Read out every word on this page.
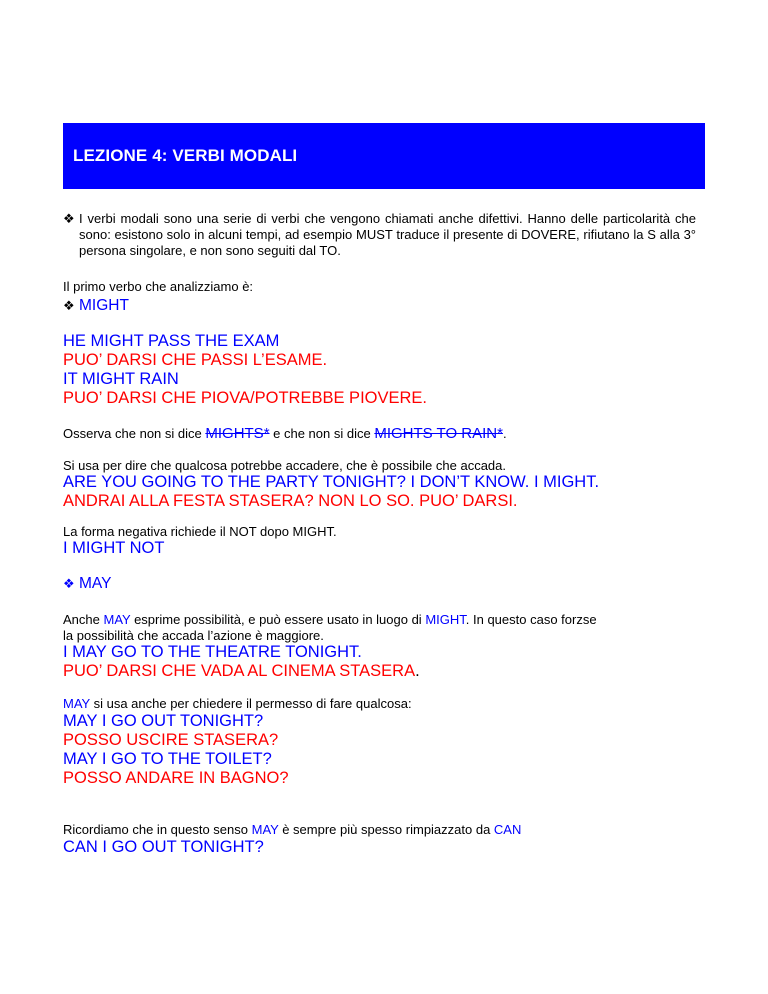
LEZIONE 4: VERBI MODALI
❖ I verbi modali sono una serie di verbi che vengono chiamati anche difettivi. Hanno delle particolarità che sono: esistono solo in alcuni tempi, ad esempio MUST traduce il presente di DOVERE, rifiutano la S alla 3° persona singolare, e non sono seguiti dal TO.
Il primo verbo che analizziamo è:
❖ MIGHT
HE MIGHT PASS THE EXAM
PUO’ DARSI CHE PASSI L’ESAME.
IT MIGHT RAIN
PUO’ DARSI CHE PIOVA/POTREBBE PIOVERE.
Osserva che non si dice MIGHTS* e che non si dice MIGHTS TO RAIN*.
Si usa per dire che qualcosa potrebbe accadere, che è possibile che accada.
ARE YOU GOING TO THE PARTY TONIGHT? I DON’T KNOW. I MIGHT.
ANDRAI ALLA FESTA STASERA? NON LO SO. PUO’ DARSI.
La forma negativa richiede il NOT dopo MIGHT.
I MIGHT NOT
❖ MAY
Anche MAY esprime possibilità, e può essere usato in luogo di MIGHT. In questo caso forzse
la possibilità che accada l’azione è maggiore.
I MAY GO TO THE THEATRE TONIGHT.
PUO’ DARSI CHE VADA AL CINEMA STASERA.
MAY si usa anche per chiedere il permesso di fare qualcosa:
MAY I GO OUT TONIGHT?
POSSO USCIRE STASERA?
MAY I GO TO THE TOILET?
POSSO ANDARE IN BAGNO?
Ricordiamo che in questo senso MAY è sempre più spesso rimpiazzato da CAN
CAN I GO OUT TONIGHT?
